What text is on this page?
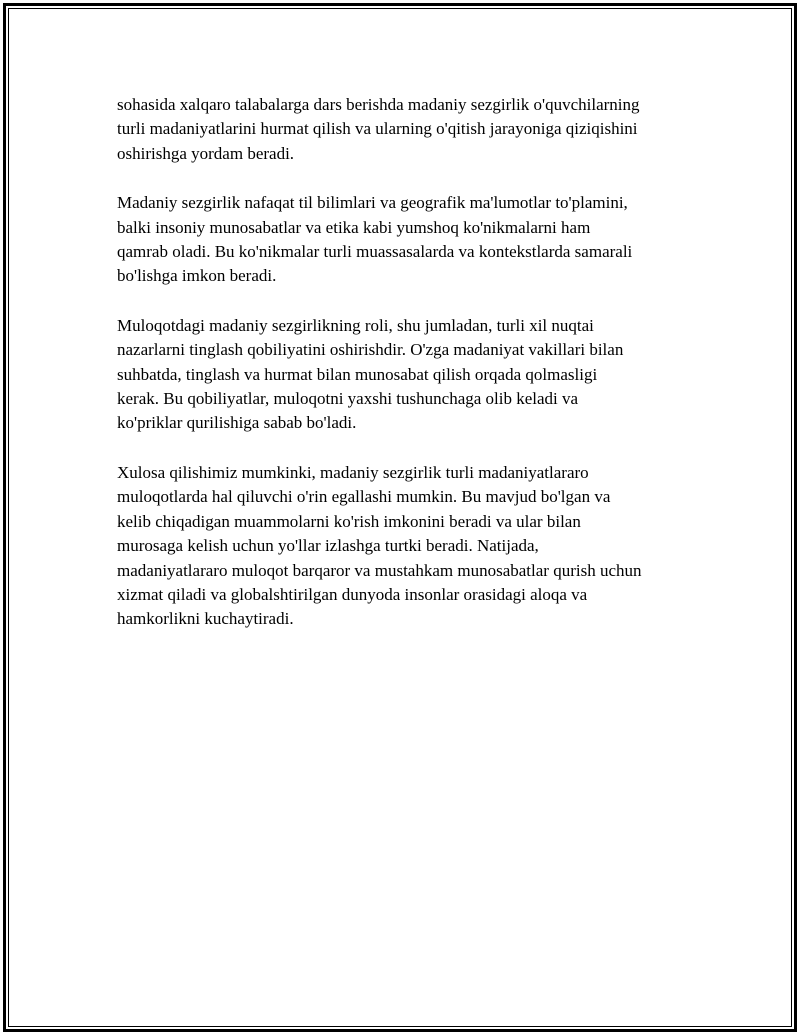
sohasida xalqaro talabalarga dars berishda madaniy sezgirlik o'quvchilarning
turli madaniyatlarini hurmat qilish va ularning o'qitish jarayoniga qiziqishini
oshirishga yordam beradi.

Madaniy sezgirlik nafaqat til bilimlari va geografik ma'lumotlar to'plamini,
balki insoniy munosabatlar va etika kabi yumshoq ko'nikmalarni ham
qamrab oladi. Bu ko'nikmalar turli muassasalarda va kontekstlarda samarali
bo'lishga imkon beradi.

Muloqotdagi madaniy sezgirlikning roli, shu jumladan, turli xil nuqtai
nazarlarni tinglash qobiliyatini oshirishdir. O'zga madaniyat vakillari bilan
suhbatda, tinglash va hurmat bilan munosabat qilish orqada qolmasligi
kerak. Bu qobiliyatlar, muloqotni yaxshi tushunchaga olib keladi va
ko'priklar qurilishiga sabab bo'ladi.

Xulosa qilishimiz mumkinki, madaniy sezgirlik turli madaniyatlararo
muloqotlarda hal qiluvchi o'rin egallashi mumkin. Bu mavjud bo'lgan va
kelib chiqadigan muammolarni ko'rish imkonini beradi va ular bilan
murosaga kelish uchun yo'llar izlashga turtki beradi. Natijada,
madaniyatlararo muloqot barqaror va mustahkam munosabatlar qurish uchun
xizmat qiladi va globalshtirilgan dunyoda insonlar orasidagi aloqa va
hamkorlikni kuchaytiradi.
